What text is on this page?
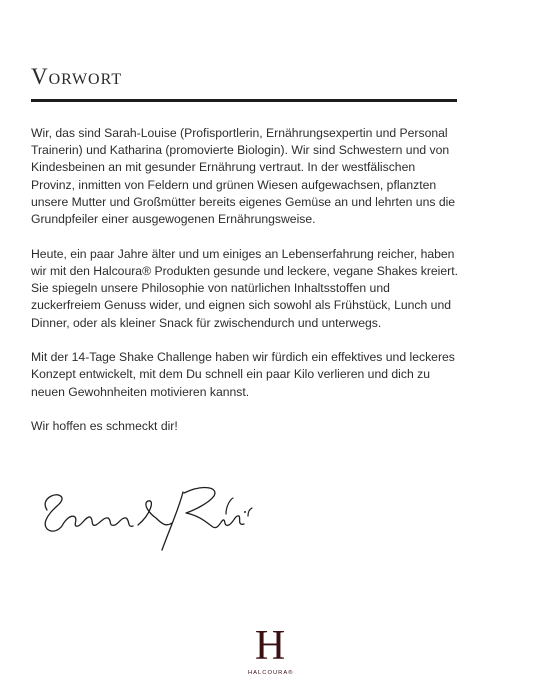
Vorwort

Wir, das sind Sarah-Louise (Profisportlerin, Ernährungsexpertin und Personal Trainerin) und Katharina (promovierte Biologin). Wir sind Schwestern und von Kindesbeinen an mit gesunder Ernährung vertraut. In der westfälischen Provinz, inmitten von Feldern und grünen Wiesen aufgewachsen, pflanzten unsere Mutter und Großmütter bereits eigenes Gemüse an und lehrten uns die Grundpfeiler einer ausgewogenen Ernährungsweise.

Heute, ein paar Jahre älter und um einiges an Lebenserfahrung reicher, haben wir mit den Halcoura® Produkten gesunde und leckere, vegane Shakes kreiert. Sie spiegeln unsere Philosophie von natürlichen Inhaltsstoffen und zuckerfreiem Genuss wider, und eignen sich sowohl als Frühstück, Lunch und Dinner, oder als kleiner Snack für zwischendurch und unterwegs.

Mit der 14-Tage Shake Challenge haben wir fürdich ein effektives und leckeres Konzept entwickelt, mit dem Du schnell ein paar Kilo verlieren und dich zu neuen Gewohnheiten motivieren kannst.

Wir hoffen es schmeckt dir!

H
HALCOURA®
